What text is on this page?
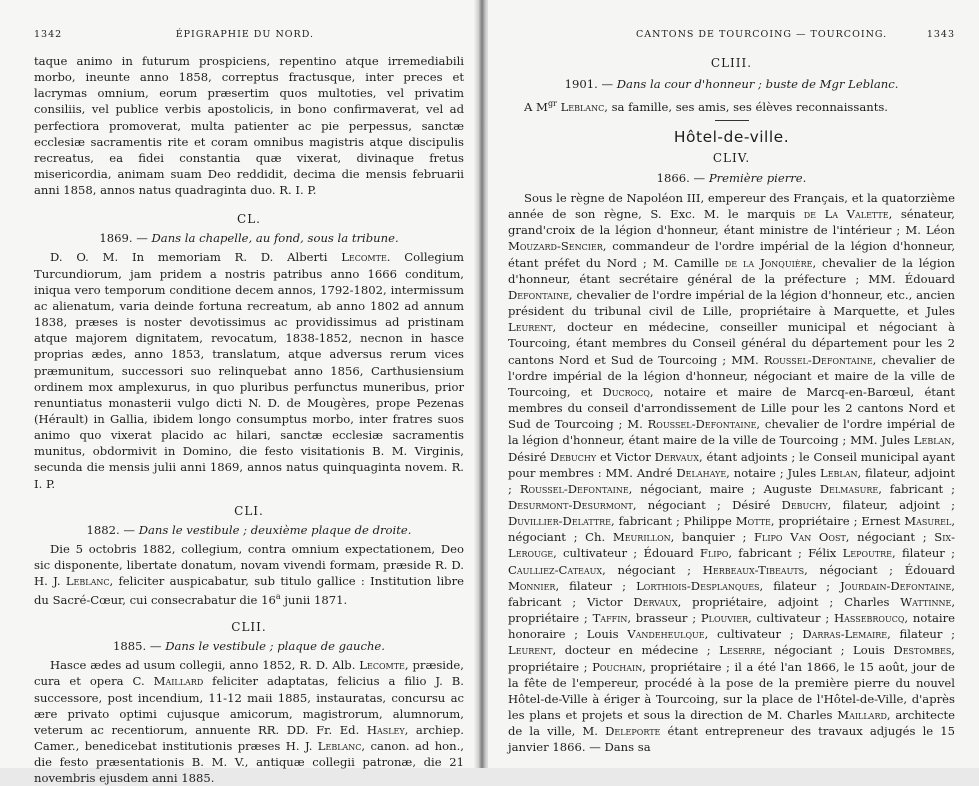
1342	ÉPIGRAPHIE DU NORD.

taque animo in futurum prospiciens, repentino atque irremediabili morbo, ineunte anno 1858, correptus fractusque, inter preces et lacrymas omnium, eorum præsertim quos multoties, vel privatim consiliis, vel publice verbis apostolicis, in bono confirmaverat, vel ad perfectiora promoverat, multa patienter ac pie perpessus, sanctæ ecclesiæ sacramentis rite et coram omnibus magistris atque discipulis recreatus, ea fidei constantia quæ vixerat, divinaque fretus misericordia, animam suam Deo reddidit, decima die mensis februarii anni 1858, annos natus quadraginta duo. R. I. P.

CL.
1869. — Dans la chapelle, au fond, sous la tribune.

D. O. M. In memoriam R. D. Alberti Lecomte. Collegium Turcundiorum, jam pridem a nostris patribus anno 1666 conditum, iniqua vero temporum conditione decem annos, 1792-1802, intermissum ac alienatum, varia deinde fortuna recreatum, ab anno 1802 ad annum 1838, præses is noster devotissimus ac providissimus ad pristinam atque majorem dignitatem, revocatum, 1838-1852, necnon in hasce proprias ædes, anno 1853, translatum, atque adversus rerum vices præmunitum, successori suo relinquebat anno 1856, Carthusiensium ordinem mox amplexurus, in quo pluribus perfunctus muneribus, prior renuntiatus monasterii vulgo dicti N. D. de Mougères, prope Pezenas (Hérault) in Gallia, ibidem longo consumptus morbo, inter fratres suos animo quo vixerat placido ac hilari, sanctæ ecclesiæ sacramentis munitus, obdormivit in Domino, die festo visitationis B. M. Virginis, secunda die mensis julii anni 1869, annos natus quinquaginta novem. R. I. P.

CLI.
1882. — Dans le vestibule ; deuxième plaque de droite.

Die 5 octobris 1882, collegium, contra omnium expectationem, Deo sic disponente, libertate donatum, novam vivendi formam, præside R. D. H. J. Leblanc, feliciter auspicabatur, sub titulo gallice : Institution libre du Sacré-Cœur, cui consecrabatur die 16$^a$ junii 1871.

CLII.
1885. — Dans le vestibule ; plaque de gauche.

Hasce ædes ad usum collegii, anno 1852, R. D. Alb. Lecomte, præside, cura et opera C. Maillard feliciter adaptatas, felicius a filio J. B. successore, post incendium, 11-12 maii 1885, instauratas, concursu ac ære privato optimi cujusque amicorum, magistrorum, alumnorum, veterum ac recentiorum, annuente RR. DD. Fr. Ed. Hasley, archiep. Camer., benedicebat institutionis præses H. J. Leblanc, canon. ad hon., die festo præsentationis B. M. V., antiquæ collegii patronæ, die 21 novembris ejusdem anni 1885.

CANTONS DE TOURCOING — TOURCOING.	1343
CLIII.
1901. — Dans la cour d'honneur ; buste de Mgr Leblanc.

A $M^{gr}$ Leblanc, sa famille, ses amis, ses élèves reconnaissants.

Hôtel-de-ville.
CLIV.
1866. — Première pierre.

Sous le règne de Napoléon III, empereur des Français, et la quatorzième année de son règne, S. Exc. M. le marquis de La Valette, sénateur, grand'croix de la légion d'honneur, étant ministre de l'intérieur ; M. Léon Mouzard-Sencier, commandeur de l'ordre impérial de la légion d'honneur, étant préfet du Nord ; M. Camille de la Jonquière, chevalier de la légion d'honneur, étant secrétaire général de la préfecture ; MM. Édouard Defontaine, chevalier de l'ordre impérial de la légion d'honneur, etc., ancien président du tribunal civil de Lille, propriétaire à Marquette, et Jules Leurent, docteur en médecine, conseiller municipal et négociant à Tourcoing, étant membres du Conseil général du département pour les 2 cantons Nord et Sud de Tourcoing ; MM. Roussel-Defontaine, chevalier de l'ordre impérial de la légion d'honneur, négociant et maire de la ville de Tourcoing, et Ducrocq, notaire et maire de Marcq-en-Barœul, étant membres du conseil d'arrondissement de Lille pour les 2 cantons Nord et Sud de Tourcoing ; M. Roussel-Defontaine, chevalier de l'ordre impérial de la légion d'honneur, étant maire de la ville de Tourcoing ; MM. Jules Leblan, Désiré Debuchy et Victor Dervaux, étant adjoints ; le Conseil municipal ayant pour membres : MM. André Delahaye, notaire ; Jules Leblan, filateur, adjoint ; Roussel-Defontaine, négociant, maire ; Auguste Delmasure, fabricant ; Desurmont-Desurmont, négociant ; Désiré Debuchy, filateur, adjoint ; Duvillier-Delattre, fabricant ; Philippe Motte, propriétaire ; Ernest Masurel, négociant ; Ch. Meurillon, banquier ; Flipo Van Oost, négociant ; Six-Lerouge, cultivateur ; Édouard Flipo, fabricant ; Félix Lepoutre, filateur ; Caulliez-Cateaux, négociant ; Herbeaux-Tibeauts, négociant ; Édouard Monnier, filateur ; Lorthiois-Desplanques, filateur ; Jourdain-Defontaine, fabricant ; Victor Dervaux, propriétaire, adjoint ; Charles Wattinne, propriétaire ; Taffin, brasseur ; Plouvier, cultivateur ; Hassebroucq, notaire honoraire ; Louis Vandeheulque, cultivateur ; Darras-Lemaire, filateur ; Leurent, docteur en médecine ; Leserre, négociant ; Louis Destombes, propriétaire ; Pouchain, propriétaire ; il a été l'an 1866, le 15 août, jour de la fête de l'empereur, procédé à la pose de la première pierre du nouvel Hôtel-de-Ville à ériger à Tourcoing, sur la place de l'Hôtel-de-Ville, d'après les plans et projets et sous la direction de M. Charles Maillard, architecte de la ville, M. Deleporte étant entrepreneur des travaux adjugés le 15 janvier 1866. — Dans sa
